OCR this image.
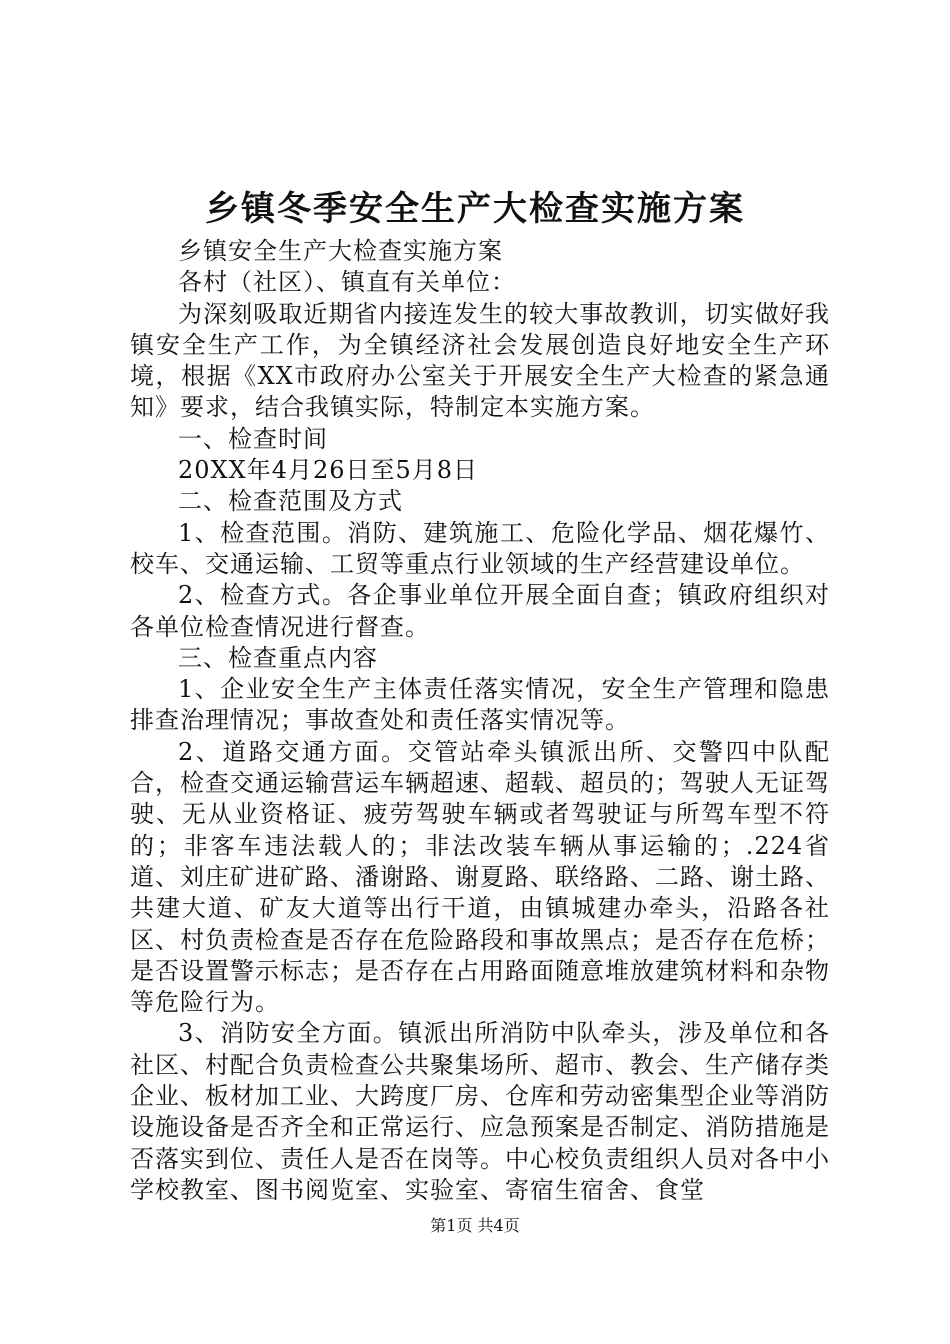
乡镇冬季安全生产大检查实施方案

乡镇安全生产大检查实施方案

各村（社区）、镇直有关单位：

为深刻吸取近期省内接连发生的较大事故教训，切实做好我镇安全生产工作，为全镇经济社会发展创造良好地安全生产环境，根据《XX市政府办公室关于开展安全生产大检查的紧急通知》要求，结合我镇实际，特制定本实施方案。

一、检查时间

20XX年4月26日至5月8日

二、检查范围及方式

1、检查范围。消防、建筑施工、危险化学品、烟花爆竹、校车、交通运输、工贸等重点行业领域的生产经营建设单位。

2、检查方式。各企事业单位开展全面自查；镇政府组织对各单位检查情况进行督查。

三、检查重点内容

1、企业安全生产主体责任落实情况，安全生产管理和隐患排查治理情况；事故查处和责任落实情况等。

2、道路交通方面。交管站牵头镇派出所、交警四中队配合，检查交通运输营运车辆超速、超载、超员的；驾驶人无证驾驶、无从业资格证、疲劳驾驶车辆或者驾驶证与所驾车型不符的；非客车违法载人的；非法改装车辆从事运输的；.224省道、刘庄矿进矿路、潘谢路、谢夏路、联络路、二路、谢土路、共建大道、矿友大道等出行干道，由镇城建办牵头，沿路各社区、村负责检查是否存在危险路段和事故黑点；是否存在危桥；是否设置警示标志；是否存在占用路面随意堆放建筑材料和杂物等危险行为。

3、消防安全方面。镇派出所消防中队牵头，涉及单位和各社区、村配合负责检查公共聚集场所、超市、教会、生产储存类企业、板材加工业、大跨度厂房、仓库和劳动密集型企业等消防设施设备是否齐全和正常运行、应急预案是否制定、消防措施是否落实到位、责任人是否在岗等。中心校负责组织人员对各中小学校教室、图书阅览室、实验室、寄宿生宿舍、食堂

第1页 共4页
